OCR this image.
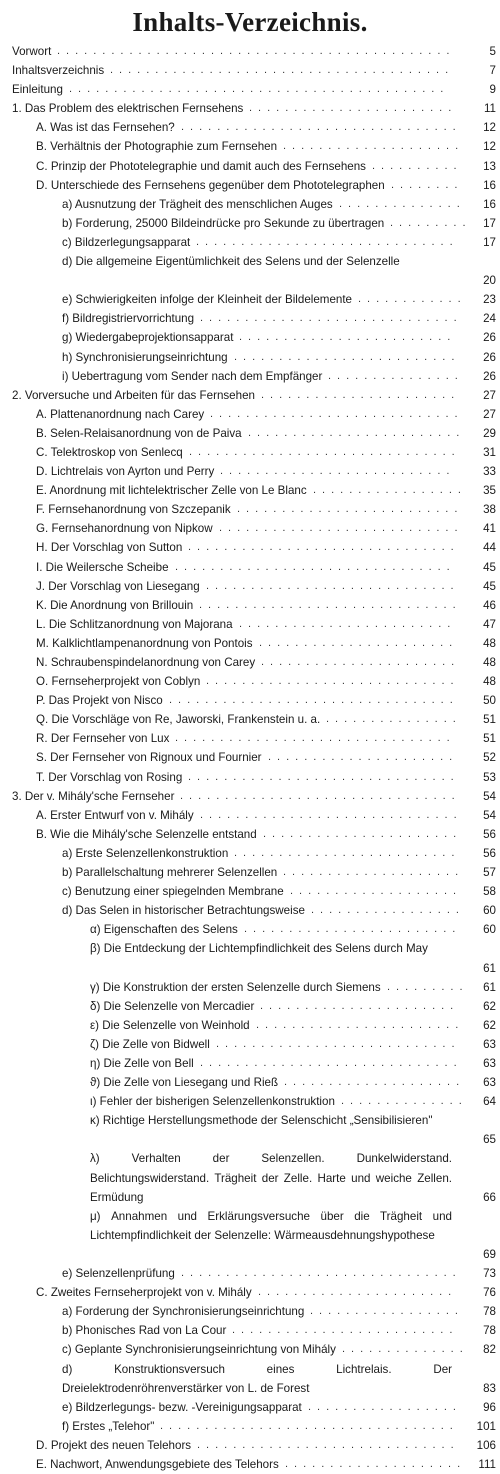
Inhalts-Verzeichnis.
Vorwort	5
............................................
Inhaltsverzeichnis	7
......................................
Einleitung	9
..........................................
1. Das Problem des elektrischen Fernsehens	11
.......................
A. Was ist das Fernsehen?	12
...............................
B. Verhältnis der Photographie zum Fernsehen	12
....................
C. Prinzip der Phototelegraphie und damit auch des Fernsehens	13
..........
D. Unterschiede des Fernsehens gegenüber dem Phototelegraphen	16
........
a) Ausnutzung der Trägheit des menschlichen Auges	16
..............
b) Forderung, 25000 Bildeindrücke pro Sekunde zu übertragen	17
.........
c) Bildzerlegungsapparat	17
.............................
d) Die allgemeine Eigentümlichkeit des Selens und der Selenzelle
20
e) Schwierigkeiten infolge der Kleinheit der Bildelemente	23
............
f) Bildregistriervorrichtung	24
.............................
g) Wiedergabeprojektionsapparat	26
........................
h) Synchronisierungseinrichtung	26
.........................
i) Uebertragung vom Sender nach dem Empfänger	26
...............
2. Vorversuche und Arbeiten für das Fernsehen	27
......................
A. Plattenanordnung nach Carey	27
............................
B. Selen-Relaisanordnung von de Paiva	29
........................
C. Telektroskop von Senlecq	31
..............................
D. Lichtrelais von Ayrton und Perry	33
..........................
E. Anordnung mit lichtelektrischer Zelle von Le Blanc	35
.................
F. Fernsehanordnung von Szczepanik	38
.........................
G. Fernsehanordnung von Nipkow	41
...........................
H. Der Vorschlag von Sutton	44
..............................
I. Die Weilersche Scheibe	45
...............................
J. Der Vorschlag von Liesegang	45
............................
K. Die Anordnung von Brillouin	46
.............................
L. Die Schlitzanordnung von Majorana	47
........................
M. Kalklichtlampenanordnung von Pontois	48
......................
N. Schraubenspindelanordnung von Carey	48
......................
O. Fernseherprojekt von Coblyn	48
............................
P. Das Projekt von Nisco	50
................................
Q. Die Vorschläge von Re, Jaworski, Frankenstein u. a.	51
...............
R. Der Fernseher von Lux	51
...............................
S. Der Fernseher von Rignoux und Fournier	52
.....................
T. Der Vorschlag von Rosing	53
..............................
3. Der v. Mihály'sche Fernseher	54
...............................
A. Erster Entwurf von v. Mihály	54
.............................
B. Wie die Mihály'sche Selenzelle entstand	56
......................
a) Erste Selenzellenkonstruktion	56
.........................
b) Parallelschaltung mehrerer Selenzellen	57
....................
c) Benutzung einer spiegelnden Membrane	58
...................
d) Das Selen in historischer Betrachtungsweise	60
.................
α) Eigenschaften des Selens	60
........................
β) Die Entdeckung der Lichtempfindlichkeit des Selens durch May
61
γ) Die Konstruktion der ersten Selenzelle durch Siemens	61
.........
δ) Die Selenzelle von Mercadier	62
......................
ε) Die Selenzelle von Weinhold	62
.......................
ζ) Die Zelle von Bidwell	63
...........................
η) Die Zelle von Bell	63
.............................
ϑ) Die Zelle von Liesegang und Rieß	63
....................
ι) Fehler der bisherigen Selenzellenkonstruktion	64
..............
κ) Richtige Herstellungsmethode der Selenschicht „Sensibilisieren"
65
λ) Verhalten der Selenzellen. Dunkelwiderstand. Belichtungswiderstand. Trägheit der Zelle. Harte und weiche Zellen. Ermüdung	66
μ) Annahmen und Erklärungsversuche über die Trägheit und Lichtempfindlichkeit der Selenzelle: Wärmeausdehnungshypothese
69
e) Selenzellenprüfung	73
...............................
C. Zweites Fernseherprojekt von v. Mihály	76
......................
a) Forderung der Synchronisierungseinrichtung	78
.................
b) Phonisches Rad von La Cour	78
.........................
c) Geplante Synchronisierungseinrichtung von Mihály	82
..............
d) Konstruktionsversuch eines Lichtrelais. Der Dreielektrodenröhrenverstärker von L. de Forest	83
e) Bildzerlegungs- bezw. -Vereinigungsapparat	96
.................
f) Erstes „Telehor"	101
.................................
D. Projekt des neuen Telehors	106
.............................
E. Nachwort, Anwendungsgebiete des Telehors	111
....................
